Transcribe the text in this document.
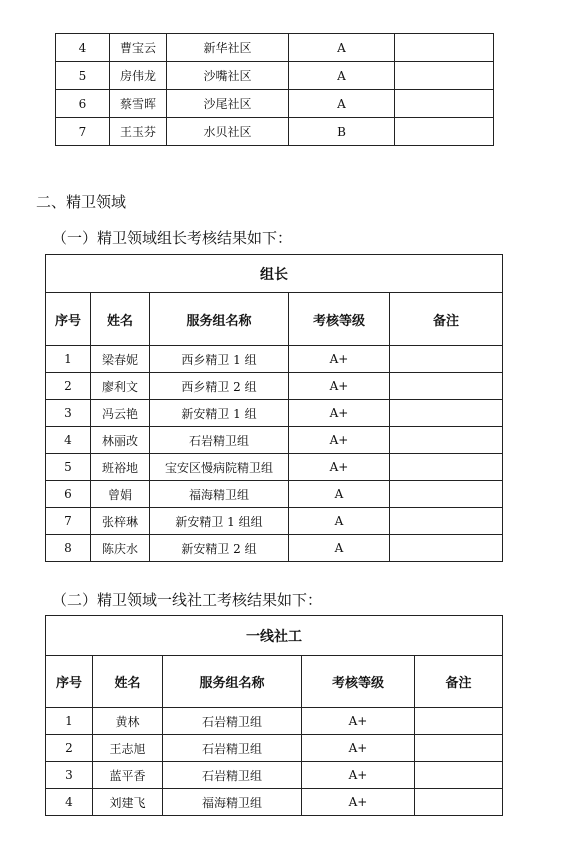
4	曹宝云	新华社区	A	
5	房伟龙	沙嘴社区	A	
6	蔡雪晖	沙尾社区	A	
7	王玉芬	水贝社区	B	
二、精卫领域
（一）精卫领域组长考核结果如下：
组长				
序号	姓名	服务组名称	考核等级	备注
1	梁春妮	西乡精卫 1 组	A+	
2	廖利文	西乡精卫 2 组	A+	
3	冯云艳	新安精卫 1 组	A+	
4	林丽改	石岩精卫组	A+	
5	班裕地	宝安区慢病院精卫组	A+	
6	曾娟	福海精卫组	A	
7	张梓琳	新安精卫 1 组组	A	
8	陈庆水	新安精卫 2 组	A	
（二）精卫领域一线社工考核结果如下：
一线社工				
序号	姓名	服务组名称	考核等级	备注
1	黄林	石岩精卫组	A+	
2	王志旭	石岩精卫组	A+	
3	蓝平香	石岩精卫组	A+	
4	刘建飞	福海精卫组	A+	
